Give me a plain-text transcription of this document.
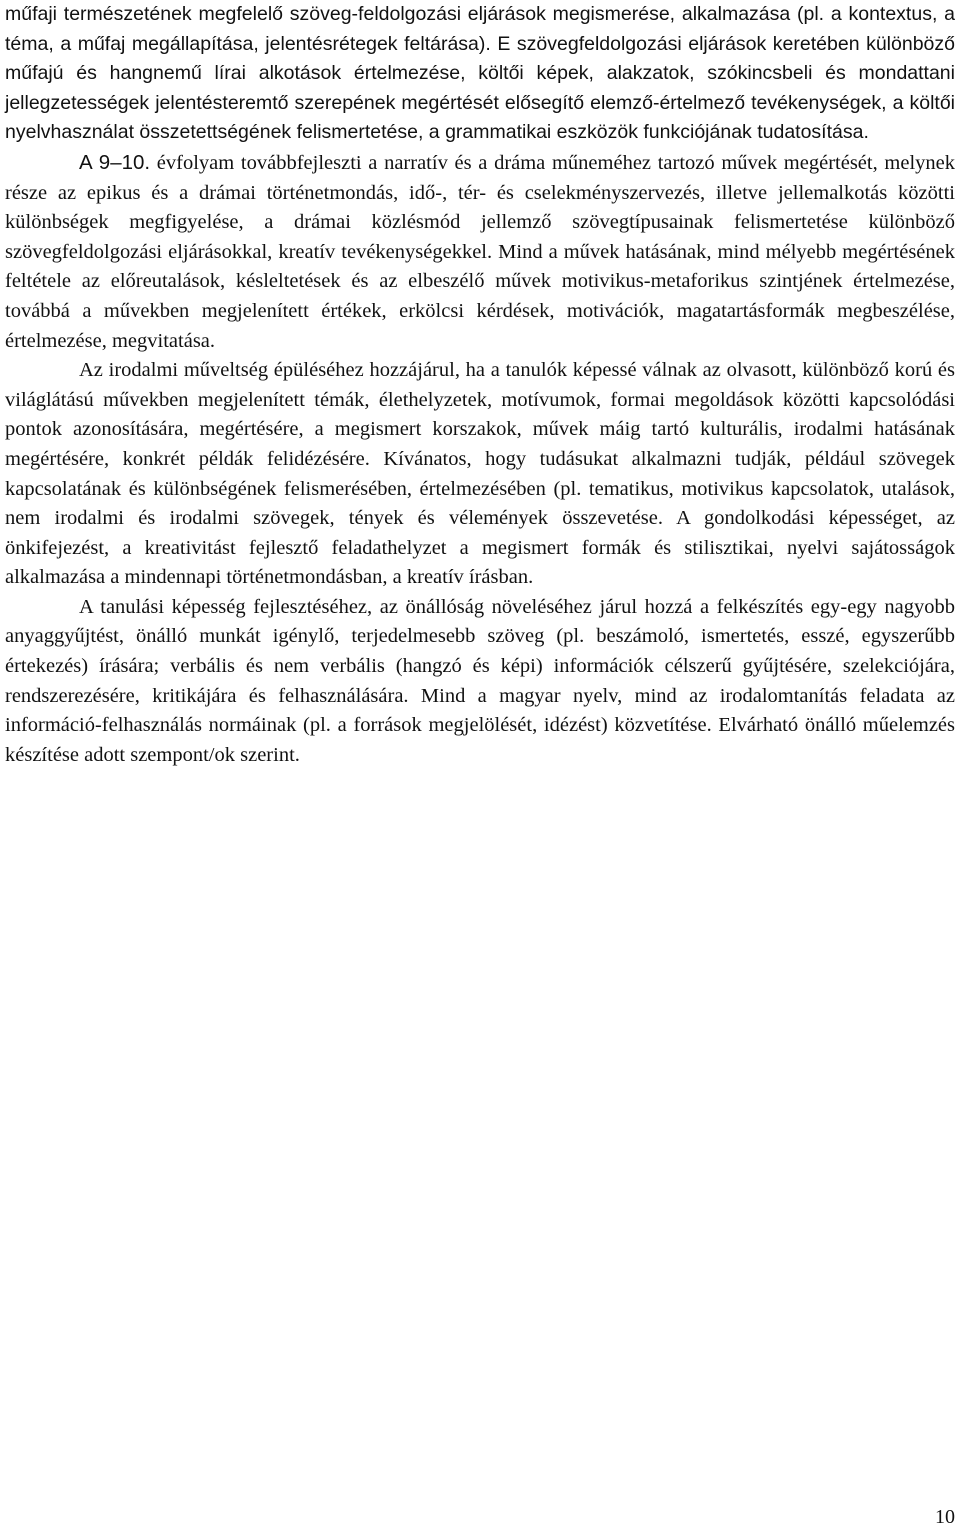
műfaji természetének megfelelő szöveg-feldolgozási eljárások megismerése, alkalmazása (pl. a kontextus, a téma, a műfaj megállapítása, jelentésrétegek feltárása). E szövegfeldolgozási eljárások keretében különböző műfajú és hangnemű lírai alkotások értelmezése, költői képek, alakzatok, szókincsbeli és mondattani jellegzetességek jelentésteremtő szerepének megértését elősegítő elemző-értelmező tevékenységek, a költői nyelvhasználat összetettségének felismertetése, a grammatikai eszközök funkciójának tudatosítása.

A 9–10. évfolyam továbbfejleszti a narratív és a dráma műneméhez tartozó művek megértését, melynek része az epikus és a drámai történetmondás, idő-, tér- és cselekményszervezés, illetve jellemalkotás közötti különbségek megfigyelése, a drámai közlésmód jellemző szövegtípusainak felismertetése különböző szövegfeldolgozási eljárásokkal, kreatív tevékenységekkel. Mind a művek hatásának, mind mélyebb megértésének feltétele az előreutalások, késleltetések és az elbeszélő művek motivikus-metaforikus szintjének értelmezése, továbbá a művekben megjelenített értékek, erkölcsi kérdések, motivációk, magatartásformák megbeszélése, értelmezése, megvitatása.

Az irodalmi műveltség épüléséhez hozzájárul, ha a tanulók képessé válnak az olvasott, különböző korú és világlátású művekben megjelenített témák, élethelyzetek, motívumok, formai megoldások közötti kapcsolódási pontok azonosítására, megértésére, a megismert korszakok, művek máig tartó kulturális, irodalmi hatásának megértésére, konkrét példák felidézésére. Kívánatos, hogy tudásukat alkalmazni tudják, például szövegek kapcsolatának és különbségének felismerésében, értelmezésében (pl. tematikus, motivikus kapcsolatok, utalások, nem irodalmi és irodalmi szövegek, tények és vélemények összevetése. A gondolkodási képességet, az önkifejezést, a kreativitást fejlesztő feladathelyzet a megismert formák és stilisztikai, nyelvi sajátosságok alkalmazása a mindennapi történetmondásban, a kreatív írásban.

A tanulási képesség fejlesztéséhez, az önállóság növeléséhez járul hozzá a felkészítés egy-egy nagyobb anyaggyűjtést, önálló munkát igénylő, terjedelmesebb szöveg (pl. beszámoló, ismertetés, esszé, egyszerűbb értekezés) írására; verbális és nem verbális (hangzó és képi) információk célszerű gyűjtésére, szelekciójára, rendszerezésére, kritikájára és felhasználására. Mind a magyar nyelv, mind az irodalomtanítás feladata az információ-felhasználás normáinak (pl. a források megjelölését, idézést) közvetítése. Elvárható önálló műelemzés készítése adott szempont/ok szerint.

10
